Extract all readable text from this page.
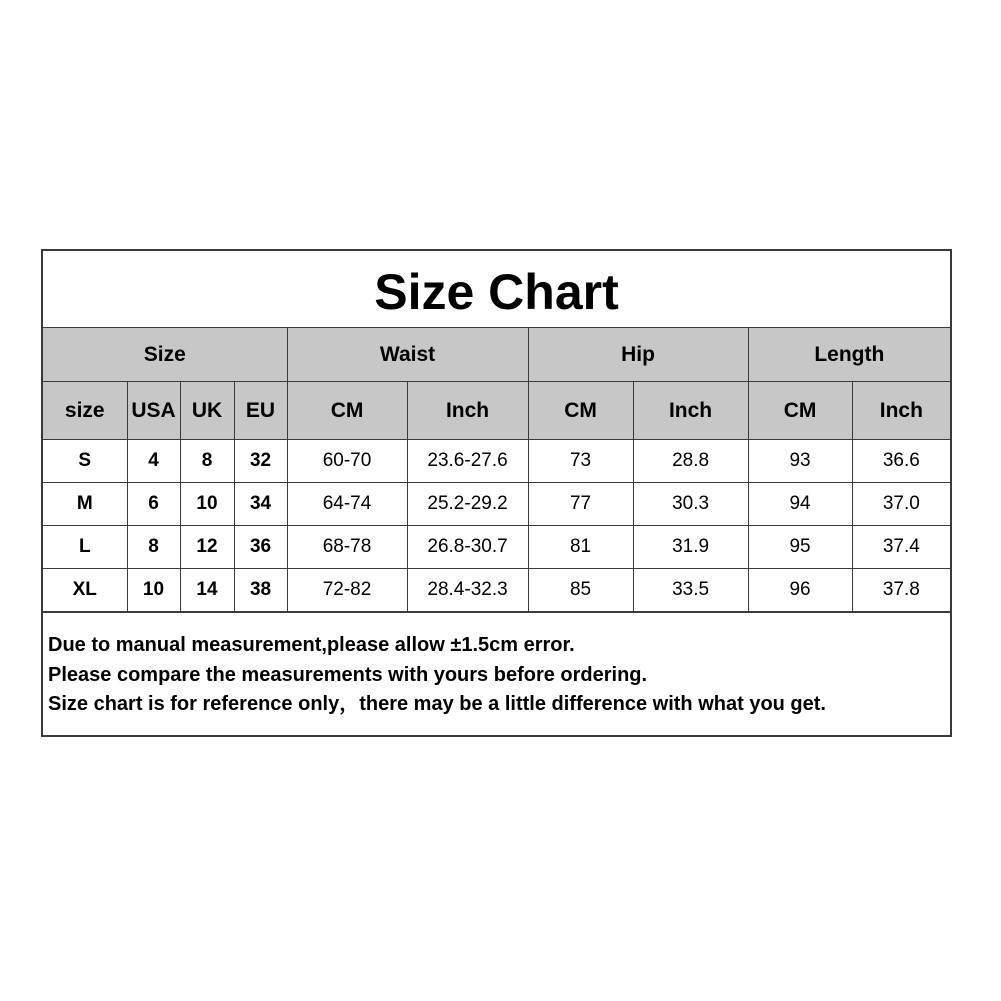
Size Chart
Size				Waist		Hip		Length	
size	USA	UK	EU	CM	Inch	CM	Inch	CM	Inch
S	4	8	32	60-70	23.6-27.6	73	28.8	93	36.6
M	6	10	34	64-74	25.2-29.2	77	30.3	94	37.0
L	8	12	36	68-78	26.8-30.7	81	31.9	95	37.4
XL	10	14	38	72-82	28.4-32.3	85	33.5	96	37.8
Due to manual measurement,please allow ±1.5cm error.
Please compare the measurements with yours before ordering.
Size chart is for reference only，there may be a little difference with what you get.
